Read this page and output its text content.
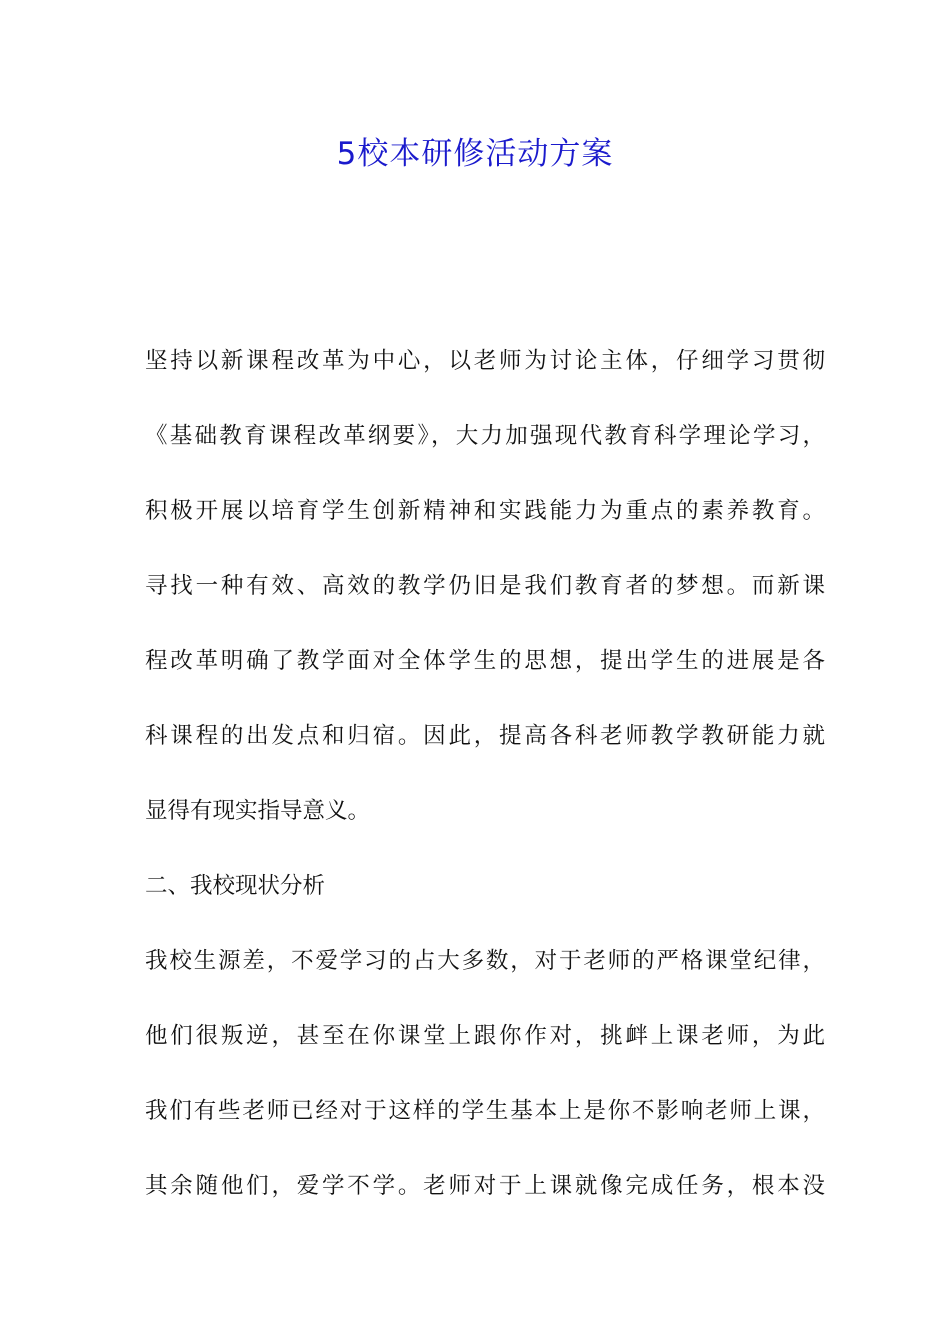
5校本研修活动方案
坚持以新课程改革为中心，以老师为讨论主体，仔细学习贯彻
《基础教育课程改革纲要》，大力加强现代教育科学理论学习，
积极开展以培育学生创新精神和实践能力为重点的素养教育。
寻找一种有效、高效的教学仍旧是我们教育者的梦想。而新课
程改革明确了教学面对全体学生的思想，提出学生的进展是各
科课程的出发点和归宿。因此，提高各科老师教学教研能力就
显得有现实指导意义。
二、我校现状分析
我校生源差，不爱学习的占大多数，对于老师的严格课堂纪律，
他们很叛逆，甚至在你课堂上跟你作对，挑衅上课老师，为此
我们有些老师已经对于这样的学生基本上是你不影响老师上课，
其余随他们，爱学不学。老师对于上课就像完成任务，根本没
